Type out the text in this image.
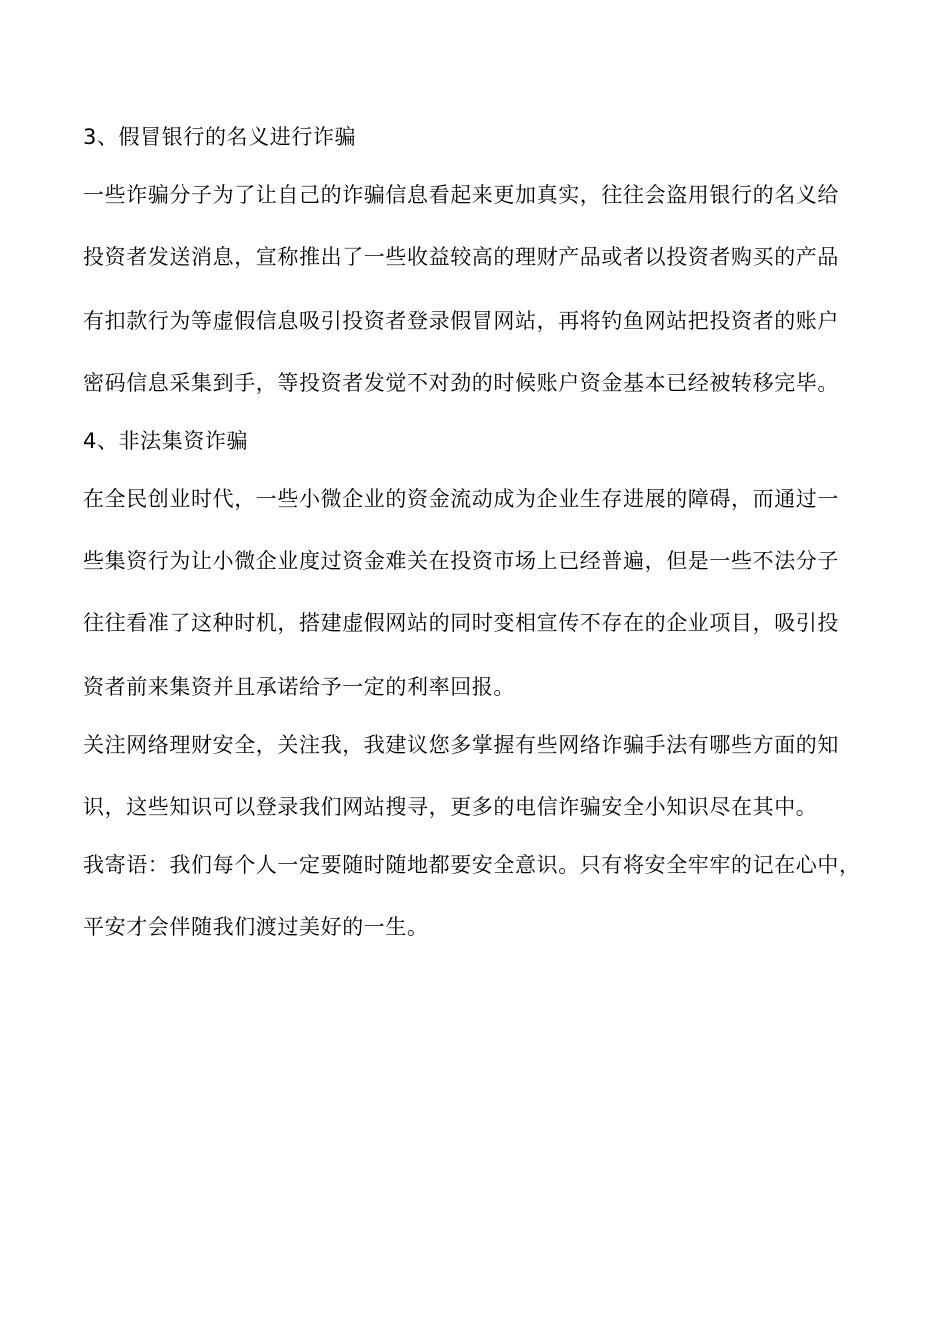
3、假冒银行的名义进行诈骗
一些诈骗分子为了让自己的诈骗信息看起来更加真实，往往会盗用银行的名义给
投资者发送消息，宣称推出了一些收益较高的理财产品或者以投资者购买的产品
有扣款行为等虚假信息吸引投资者登录假冒网站，再将钓鱼网站把投资者的账户
密码信息采集到手，等投资者发觉不对劲的时候账户资金基本已经被转移完毕。
4、非法集资诈骗
在全民创业时代，一些小微企业的资金流动成为企业生存进展的障碍，而通过一
些集资行为让小微企业度过资金难关在投资市场上已经普遍，但是一些不法分子
往往看准了这种时机，搭建虚假网站的同时变相宣传不存在的企业项目，吸引投
资者前来集资并且承诺给予一定的利率回报。
关注网络理财安全，关注我，我建议您多掌握有些网络诈骗手法有哪些方面的知
识，这些知识可以登录我们网站搜寻，更多的电信诈骗安全小知识尽在其中。
我寄语：我们每个人一定要随时随地都要安全意识。只有将安全牢牢的记在心中，
平安才会伴随我们渡过美好的一生。
